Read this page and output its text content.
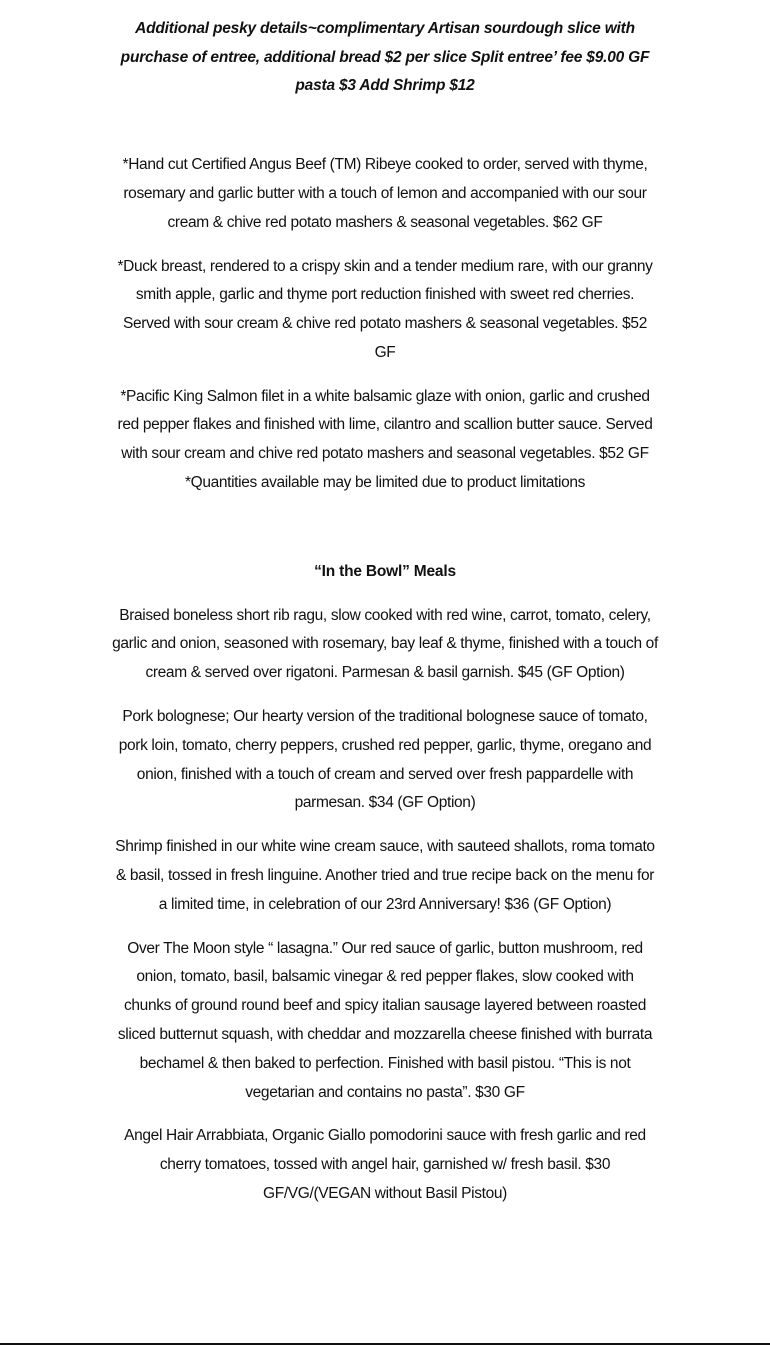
Additional pesky details~complimentary Artisan sourdough slice with purchase of entree, additional bread $2 per slice Split entree’ fee $9.00 GF pasta $3 Add Shrimp $12

*Hand cut Certified Angus Beef (TM) Ribeye cooked to order, served with thyme, rosemary and garlic butter with a touch of lemon and accompanied with our sour cream & chive red potato mashers & seasonal vegetables. $62 GF

*Duck breast, rendered to a crispy skin and a tender medium rare, with our granny smith apple, garlic and thyme port reduction finished with sweet red cherries. Served with sour cream & chive red potato mashers & seasonal vegetables. $52 GF

*Pacific King Salmon filet in a white balsamic glaze with onion, garlic and crushed red pepper flakes and finished with lime, cilantro and scallion butter sauce. Served with sour cream and chive red potato mashers and seasonal vegetables. $52 GF *Quantities available may be limited due to product limitations

“In the Bowl” Meals

Braised boneless short rib ragu, slow cooked with red wine, carrot, tomato, celery, garlic and onion, seasoned with rosemary, bay leaf & thyme, finished with a touch of cream & served over rigatoni. Parmesan & basil garnish. $45 (GF Option)

Pork bolognese; Our hearty version of the traditional bolognese sauce of tomato, pork loin, tomato, cherry peppers, crushed red pepper, garlic, thyme, oregano and onion, finished with a touch of cream and served over fresh pappardelle with parmesan. $34 (GF Option)

Shrimp finished in our white wine cream sauce, with sauteed shallots, roma tomato & basil, tossed in fresh linguine. Another tried and true recipe back on the menu for a limited time, in celebration of our 23rd Anniversary! $36 (GF Option)

Over The Moon style “ lasagna.” Our red sauce of garlic, button mushroom, red onion, tomato, basil, balsamic vinegar & red pepper flakes, slow cooked with chunks of ground round beef and spicy italian sausage layered between roasted sliced butternut squash, with cheddar and mozzarella cheese finished with burrata bechamel & then baked to perfection. Finished with basil pistou. “This is not vegetarian and contains no pasta”. $30 GF

Angel Hair Arrabbiata, Organic Giallo pomodorini sauce with fresh garlic and red cherry tomatoes, tossed with angel hair, garnished w/ fresh basil. $30 GF/VG/(VEGAN without Basil Pistou)
